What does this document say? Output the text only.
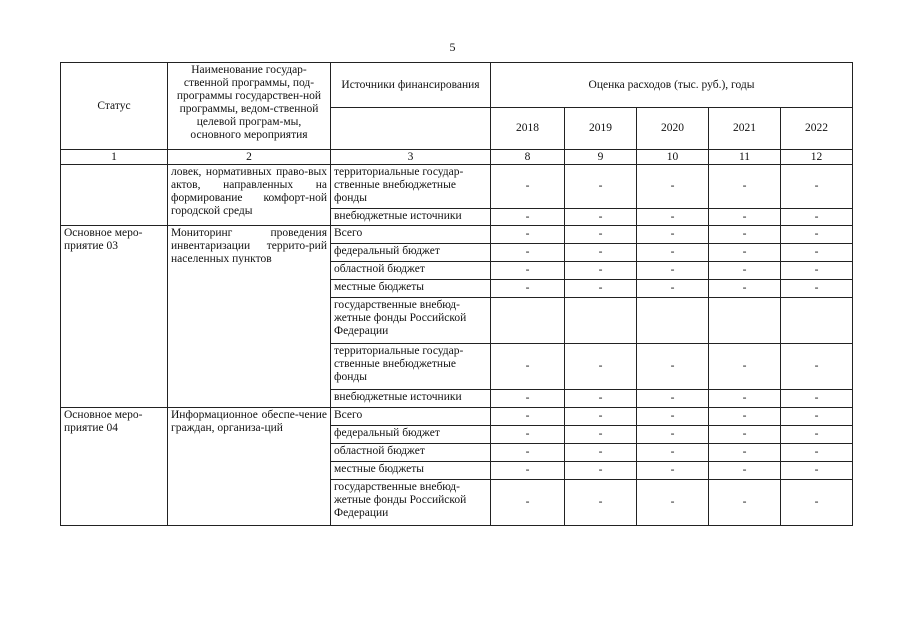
5
Статус	Наименование государ-ственной программы, под-программы государствен-ной программы, ведом-ственной целевой програм-мы, основного мероприятия	Источники финансирования	Оценка расходов (тыс. руб.), годы				
			2018	2019	2020	2021	2022
1	2	3	8	9	10	11	12
	ловек, нормативных право-вых актов, направленных на формирование комфорт-ной городской среды	территориальные государ-ственные внебюджетные фонды	-	-	-	-	-
		внебюджетные источники	-	-	-	-	-
Основное меро-приятие 03	Мониторинг проведения инвентаризации террито-рий населенных пунктов	Всего	-	-	-	-	-
		федеральный бюджет	-	-	-	-	-
		областной бюджет	-	-	-	-	-
		местные бюджеты	-	-	-	-	-
		государственные внебюд-жетные фонды Российской Федерации					
		территориальные государ-ственные внебюджетные фонды	-	-	-	-	-
		внебюджетные источники	-	-	-	-	-
Основное меро-приятие 04	Информационное обеспе-чение граждан, организа-ций	Всего	-	-	-	-	-
		федеральный бюджет	-	-	-	-	-
		областной бюджет	-	-	-	-	-
		местные бюджеты	-	-	-	-	-
		государственные внебюд-жетные фонды Российской Федерации	-	-	-	-	-
